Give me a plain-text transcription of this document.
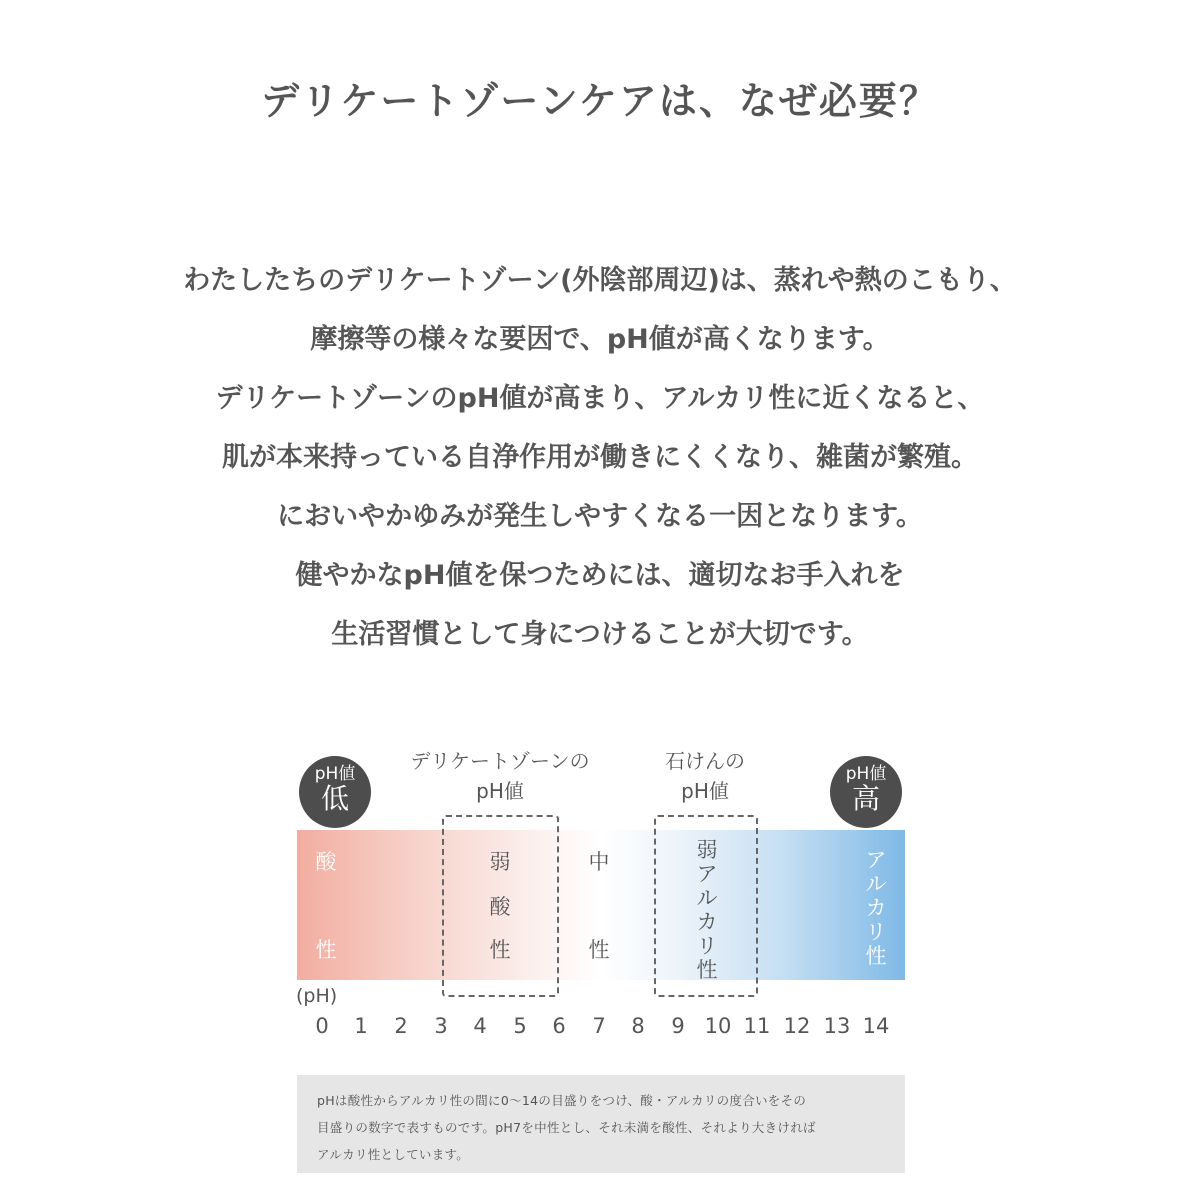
デリケートゾーンケアは、なぜ必要？
わたしたちのデリケートゾーン(外陰部周辺)は、蒸れや熱のこもり、
摩擦等の様々な要因で、pH値が高くなります。
デリケートゾーンのpH値が高まり、アルカリ性に近くなると、
肌が本来持っている自浄作用が働きにくくなり、雑菌が繁殖。
においやかゆみが発生しやすくなる一因となります。
健やかなpH値を保つためには、適切なお手入れを
生活習慣として身につけることが大切です。
pH値
低
pH値
高
デリケートゾーンの
pH値
石けんの
pH値
酸
性
弱
酸
性
中
性
弱
ア
ル
カ
リ
性
ア
ル
カ
リ
性
(pH)
0	1	2	3	4	5	6	7	8	9 10 11 12 13 14
pHは酸性からアルカリ性の間に0〜14の目盛りをつけ、酸・アルカリの度合いをその
目盛りの数字で表すものです。pH7を中性とし、それ未満を酸性、それより大きければ
アルカリ性としています。
